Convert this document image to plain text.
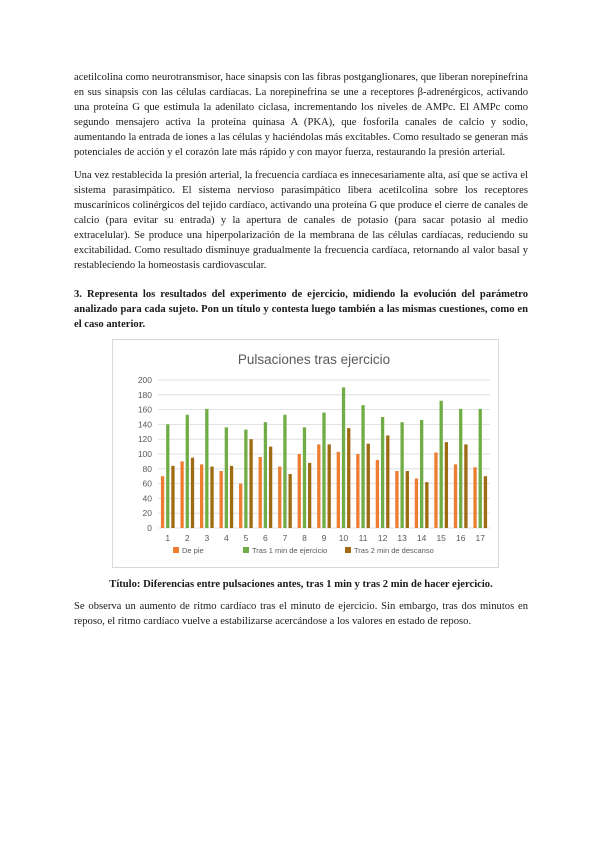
acetilcolina como neurotransmisor, hace sinapsis con las fibras postganglionares, que liberan norepinefrina en sus sinapsis con las células cardíacas. La norepinefrina se une a receptores β-adrenérgicos, activando una proteína G que estimula la adenilato ciclasa, incrementando los niveles de AMPc. El AMPc como segundo mensajero activa la proteína quinasa A (PKA), que fosforila canales de calcio y sodio, aumentando la entrada de iones a las células y haciéndolas más excitables. Como resultado se generan más potenciales de acción y el corazón late más rápido y con mayor fuerza, restaurando la presión arterial.

Una vez restablecida la presión arterial, la frecuencia cardíaca es innecesariamente alta, así que se activa el sistema parasimpático. El sistema nervioso parasimpático libera acetilcolina sobre los receptores muscarínicos colinérgicos del tejido cardíaco, activando una proteína G que produce el cierre de canales de calcio (para evitar su entrada) y la apertura de canales de potasio (para sacar potasio al medio extracelular). Se produce una hiperpolarización de la membrana de las células cardíacas, reduciendo su excitabilidad. Como resultado disminuye gradualmente la frecuencia cardíaca, retornando al valor basal y restableciendo la homeostasis cardiovascular.

3. Representa los resultados del experimento de ejercicio, midiendo la evolución del parámetro analizado para cada sujeto. Pon un título y contesta luego también a las mismas cuestiones, como en el caso anterior.

Pulsaciones tras ejercicio
0
20
40
60
80
100
120
140
160
180
200
1 2 3 4 5 6 7 8 9 10 11 12 13 14 15 16 17
De pie	Tras 1 min de ejercicio	Tras 2 min de descanso

Título: Diferencias entre pulsaciones antes, tras 1 min y tras 2 min de hacer ejercicio.

Se observa un aumento de ritmo cardíaco tras el minuto de ejercicio. Sin embargo, tras dos minutos en reposo, el ritmo cardíaco vuelve a estabilizarse acercándose a los valores en estado de reposo.
